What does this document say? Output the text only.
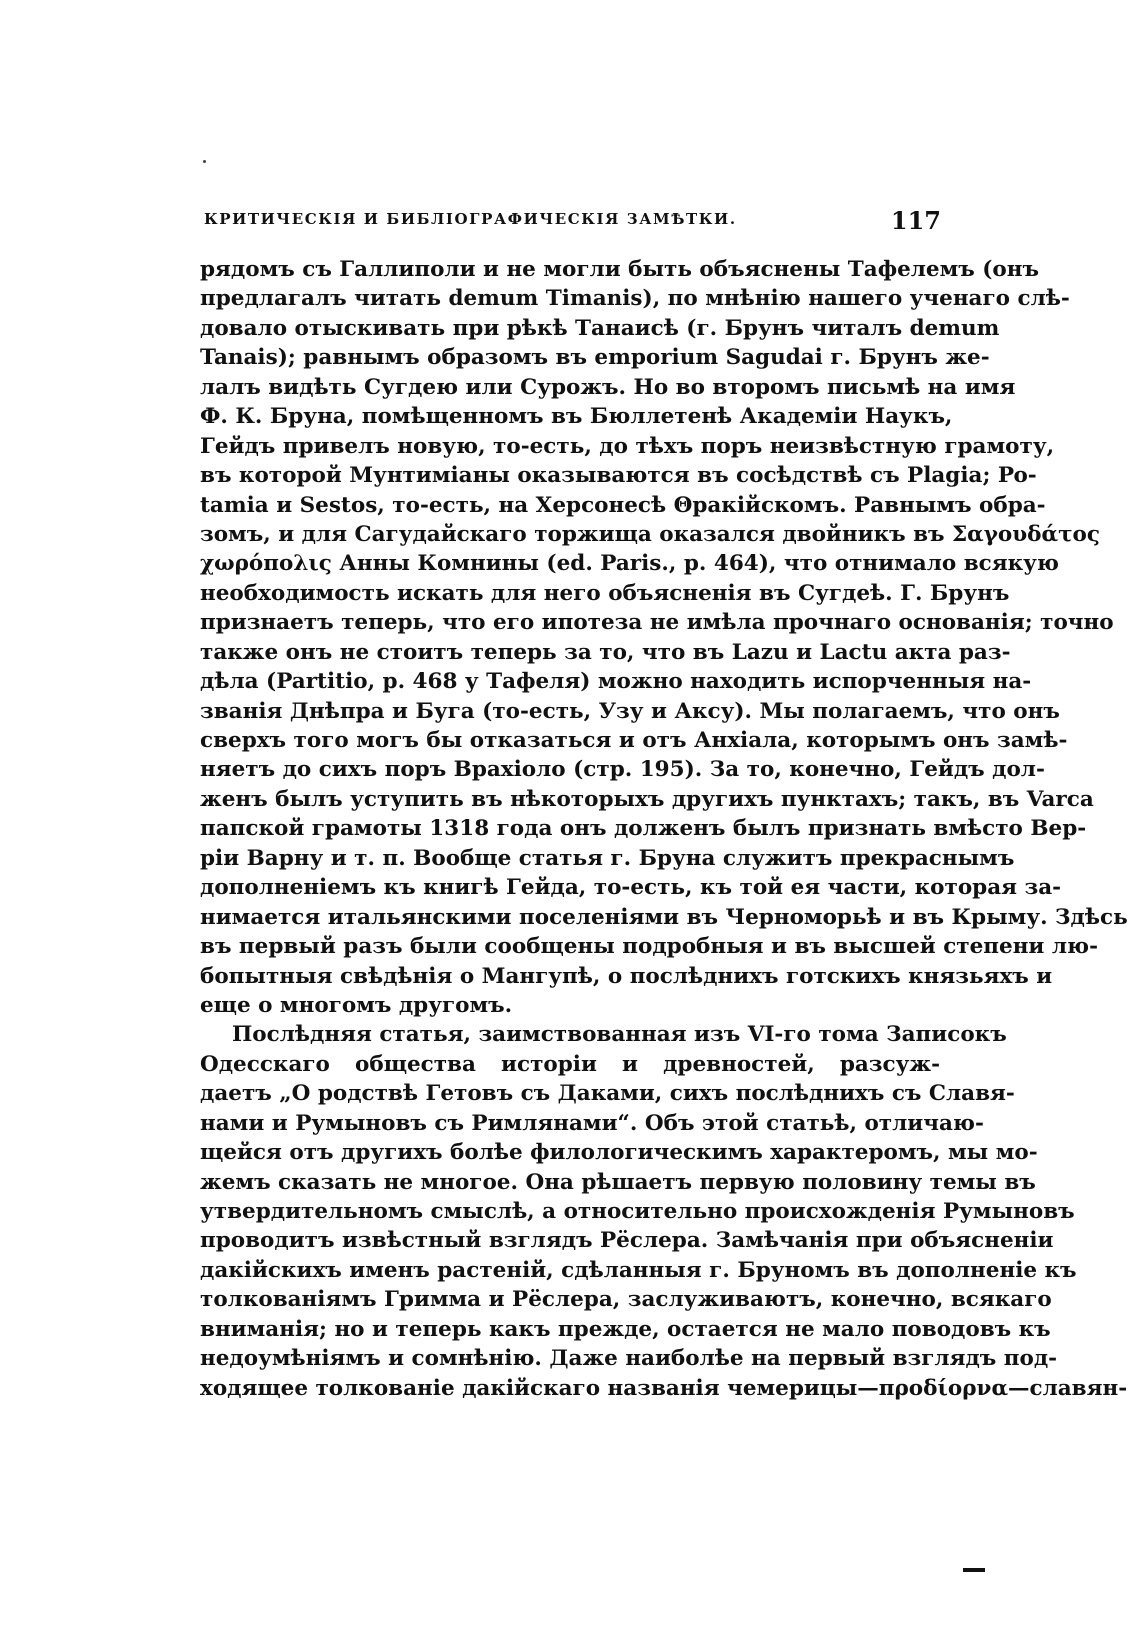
КРИТИЧЕСКІЯ И БИБЛІОГРАФИЧЕСКІЯ ЗАМѢТКИ.	117
рядомъ съ Галлиполи и не могли быть объяснены Тафелемъ (онъ
предлагалъ читать demum Timanis), по мнѣнію нашего ученаго слѣ-
довало отыскивать при рѣкѣ Танаисѣ (г. Брунъ читалъ demum
Tanais); равнымъ образомъ въ emporium Sagudai г. Брунъ же-
лалъ видѣть Сугдею или Сурожъ. Но во второмъ письмѣ на имя
Ф. К. Бруна, помѣщенномъ въ Бюллетенѣ Академіи Наукъ,
Гейдъ привелъ новую, то-есть, до тѣхъ поръ неизвѣстную грамоту,
въ которой Мунтиміаны оказываются въ сосѣдствѣ съ Plagia; Po-
tamia и Sestos, то-есть, на Херсонесѣ Θракійскомъ. Равнымъ обра-
зомъ, и для Сагудайскаго торжища оказался двойникъ въ Σαγουδάτος
χωρόπολις Анны Комнины (ed. Paris., p. 464), что отнимало всякую
необходимость искать для него объясненія въ Сугдеѣ. Г. Брунъ
признаетъ теперь, что его ипотеза не имѣла прочнаго основанія; точно
также онъ не стоитъ теперь за то, что въ Lazu и Lactu акта раз-
дѣла (Partitio, p. 468 у Тафеля) можно находить испорченныя на-
званія Днѣпра и Буга (то-есть, Узу и Аксу). Мы полагаемъ, что онъ
сверхъ того могъ бы отказаться и отъ Анхіала, которымъ онъ замѣ-
няетъ до сихъ поръ Врахіоло (стр. 195). За то, конечно, Гейдъ дол-
женъ былъ уступить въ нѣкоторыхъ другихъ пунктахъ; такъ, въ Varca
папской грамоты 1318 года онъ долженъ былъ признать вмѣсто Вер-
ріи Варну и т. п. Вообще статья г. Бруна служитъ прекраснымъ
дополненіемъ къ книгѣ Гейда, то-есть, къ той ея части, которая за-
нимается итальянскими поселеніями въ Черноморьѣ и въ Крыму. Здѣсь
въ первый разъ были сообщены подробныя и въ высшей степени лю-
бопытныя свѣдѣнія о Мангупѣ, о послѣднихъ готскихъ князьяхъ и
еще о многомъ другомъ.
Послѣдняя статья, заимствованная изъ VI-го тома Записокъ
Одесскаго общества исторіи и древностей, разсуж-
даетъ „О родствѣ Гетовъ съ Даками, сихъ послѣднихъ съ Славя-
нами и Румыновъ съ Римлянами“. Объ этой статьѣ, отличаю-
щейся отъ другихъ болѣе филологическимъ характеромъ, мы мо-
жемъ сказать не многое. Она рѣшаетъ первую половину темы въ
утвердительномъ смыслѣ, а относительно происхожденія Румыновъ
проводитъ извѣстный взглядъ Рёслера. Замѣчанія при объясненіи
дакійскихъ именъ растеній, сдѣланныя г. Бруномъ въ дополненіе къ
толкованіямъ Гримма и Рёслера, заслуживаютъ, конечно, всякаго
вниманія; но и теперь какъ прежде, остается не мало поводовъ къ
недоумѣніямъ и сомнѣнію. Даже наиболѣе на первый взглядъ под-
ходящее толкованіе дакійскаго названія чемерицы—προδίορνα—славян-
